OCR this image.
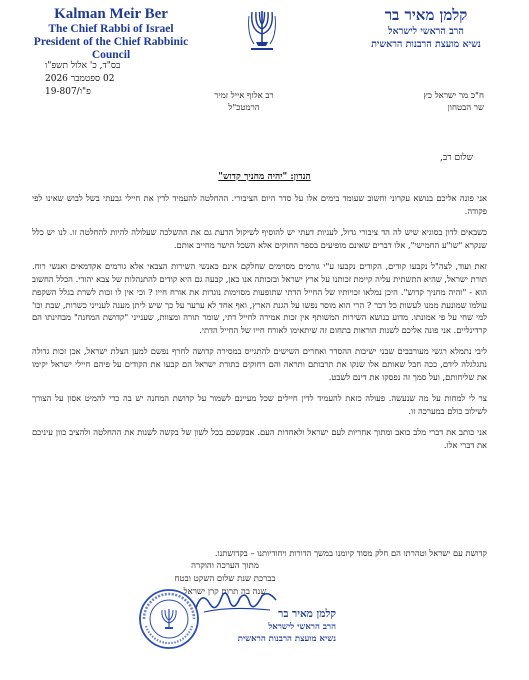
Kalman Meir Ber
The Chief Rabbi of Israel
President of the Chief Rabbinic Council
קלמן מאיר בר
הרב הראשי לישראל
נשיא מועצת הרבנות הראשית
בס"ד, כ' אלול תשפ"ו
02 ספטמבר 2026
פ"ו/19-807	ח"כ מר ישראל כץ
שר הבטחון
רב אלוף אייל זמיר
הרמטכ"ל
שלום רב,
הנדון: "יהיה מחניך קדוש"

אני פונה אליכם בנושא עקרוני וחשוב שעומד בימים אלו על סדר היום הציבורי. ההחלטה להעמיד לדין את חיילי גבעתי בשל לבוש שאינו לפי פקודה.

כשבאים לדון בסוגיא שיש לה הד ציבורי גדול, לעניות דעתי יש להוסיף לשיקול הדעת גם את ההשלכה שעלולה להיות להחלטה זו. לנו יש כלל שנקרא "שו"ע החמישי", אלו דברים שאינם מופיעים בספר החוקים אלא השכל הישר מחייב אותם.

זאת ועוד, לצה"ל נקבעו קודים, הקודים נקבעו ע"י גורמים מסוימים שחלקם אינם כאנשי השירות הצבאי אלא גורמים אקדמאים ואנשי רוח. תורת ישראל, שהיא התשתית עליה קיימת זכותנו על ארץ ישראל ובזכותה אנו כאן, קבעה גם היא קודים להתנהלות של צבא יהודי. הכלל החשוב הוא - "והיה מחניך קדוש". היכן נמלאו זכויותיו של החייל הדתי שתופעות מסוימות נוגדות את אורח חייו ? וכי אין לו זכות לשרת בגלל השקפת עולמו שמונעת ממנו לעשות כל דבר ? הרי הוא מוסר נפשו על הגנת הארץ, ואף אחד לא ערער על כך שיש ליתן מענה לענייני כשרות, שבת וכו' למי שחי על פי אמונתו. מדוע בנושא השירות המשותף אין זכות אמירה לחייל דתי, שומר תורה ומצוות, שענייני "קדושת המחנה" מבחינתו הם קרדינליים. אני פונה אליכם לשנות הוראות בתחום זה שיתאימו לאורח חייו של החייל הדתי.

ליבי נתמלא רגשי מעורבבים שבני ישיבות ההסדר ואחרים השישים להתגייס במסירה קדושה לחרף נפשם למען הצלת ישראל, אכן זכות גדולה נתגלגלה לידם, ככה חבל שאותם אלו שנקו את תרבותם ותראה והם רחוקים כתורת ישראל הם קבעו את הקודים על פיהם חיילי ישראל יקימו את שליחותם, ועל סמך זה נפסקו את דינם לשבט.

צר לי למחות על מה שנעשה. פעולה כזאת להעמיד לדין חיילים שכל מעיינם לשמור על קדושת המחנה יש בה כדי להמיט אסון על הצורך לשילוב כולם במערכה זו.

אני כותב את דברי מלב כואב ומתוך אחריות לעם ישראל ולאחדות העם. אבקשכם בכל לשון של בקשה לשנות את ההחלטה ולהציב כוון עיניכם את דברי אלו.

קדושת עם ישראל וטהרתו הם חלק מסוד קיומנו במשך הדורות ויחודיותנו – בקדושתנו.
מתוך הערכה והוקרה
בברכת שנת שלום השקט ובטח
שנה בה תרום קרן ישראל
קלמן מאיר בר
הרב הראשי לישראל
נשיא מועצת הרבנות הראשית
